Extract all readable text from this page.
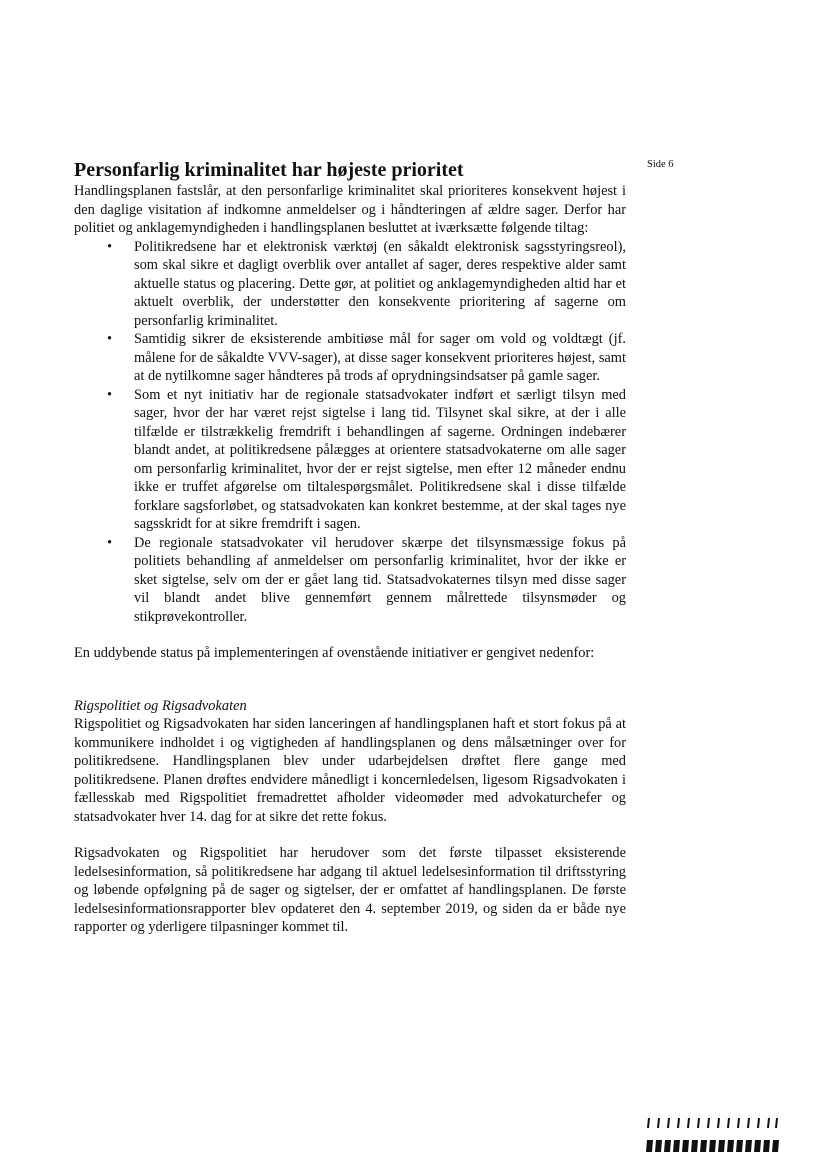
Side 6
Personfarlig kriminalitet har højeste prioritet

Handlingsplanen fastslår, at den personfarlige kriminalitet skal prioriteres konsekvent højest i den daglige visitation af indkomne anmeldelser og i håndteringen af ældre sager. Derfor har politiet og anklagemyndigheden i handlingsplanen besluttet at iværksætte følgende tiltag:

• Politikredsene har et elektronisk værktøj (en såkaldt elektronisk sagsstyringsreol), som skal sikre et dagligt overblik over antallet af sager, deres respektive alder samt aktuelle status og placering. Dette gør, at politiet og anklagemyndigheden altid har et aktuelt overblik, der understøtter den konsekvente prioritering af sagerne om personfarlig kriminalitet.
• Samtidig sikrer de eksisterende ambitiøse mål for sager om vold og voldtægt (jf. målene for de såkaldte VVV-sager), at disse sager konsekvent prioriteres højest, samt at de nytilkomne sager håndteres på trods af oprydningsindsatser på gamle sager.
• Som et nyt initiativ har de regionale statsadvokater indført et særligt tilsyn med sager, hvor der har været rejst sigtelse i lang tid. Tilsynet skal sikre, at der i alle tilfælde er tilstrækkelig fremdrift i behandlingen af sagerne. Ordningen indebærer blandt andet, at politikredsene pålægges at orientere statsadvokaterne om alle sager om personfarlig kriminalitet, hvor der er rejst sigtelse, men efter 12 måneder endnu ikke er truffet afgørelse om tiltalespørgsmålet. Politikredsene skal i disse tilfælde forklare sagsforløbet, og statsadvokaten kan konkret bestemme, at der skal tages nye sagsskridt for at sikre fremdrift i sagen.
• De regionale statsadvokater vil herudover skærpe det tilsynsmæssige fokus på politiets behandling af anmeldelser om personfarlig kriminalitet, hvor der ikke er sket sigtelse, selv om der er gået lang tid. Statsadvokaternes tilsyn med disse sager vil blandt andet blive gennemført gennem målrettede tilsynsmøder og stikprøvekontroller.

En uddybende status på implementeringen af ovenstående initiativer er gengivet nedenfor:

Rigspolitiet og Rigsadvokaten

Rigspolitiet og Rigsadvokaten har siden lanceringen af handlingsplanen haft et stort fokus på at kommunikere indholdet i og vigtigheden af handlingsplanen og dens målsætninger over for politikredsene. Handlingsplanen blev under udarbejdelsen drøftet flere gange med politikredsene. Planen drøftes endvidere månedligt i koncernledelsen, ligesom Rigsadvokaten i fællesskab med Rigspolitiet fremadrettet afholder videomøder med advokaturchefer og statsadvokater hver 14. dag for at sikre det rette fokus.

Rigsadvokaten og Rigspolitiet har herudover som det første tilpasset eksisterende ledelsesinformation, så politikredsene har adgang til aktuel ledelsesinformation til driftsstyring og løbende opfølgning på de sager og sigtelser, der er omfattet af handlingsplanen. De første ledelsesinformationsrapporter blev opdateret den 4. september 2019, og siden da er både nye rapporter og yderligere tilpasninger kommet til.
